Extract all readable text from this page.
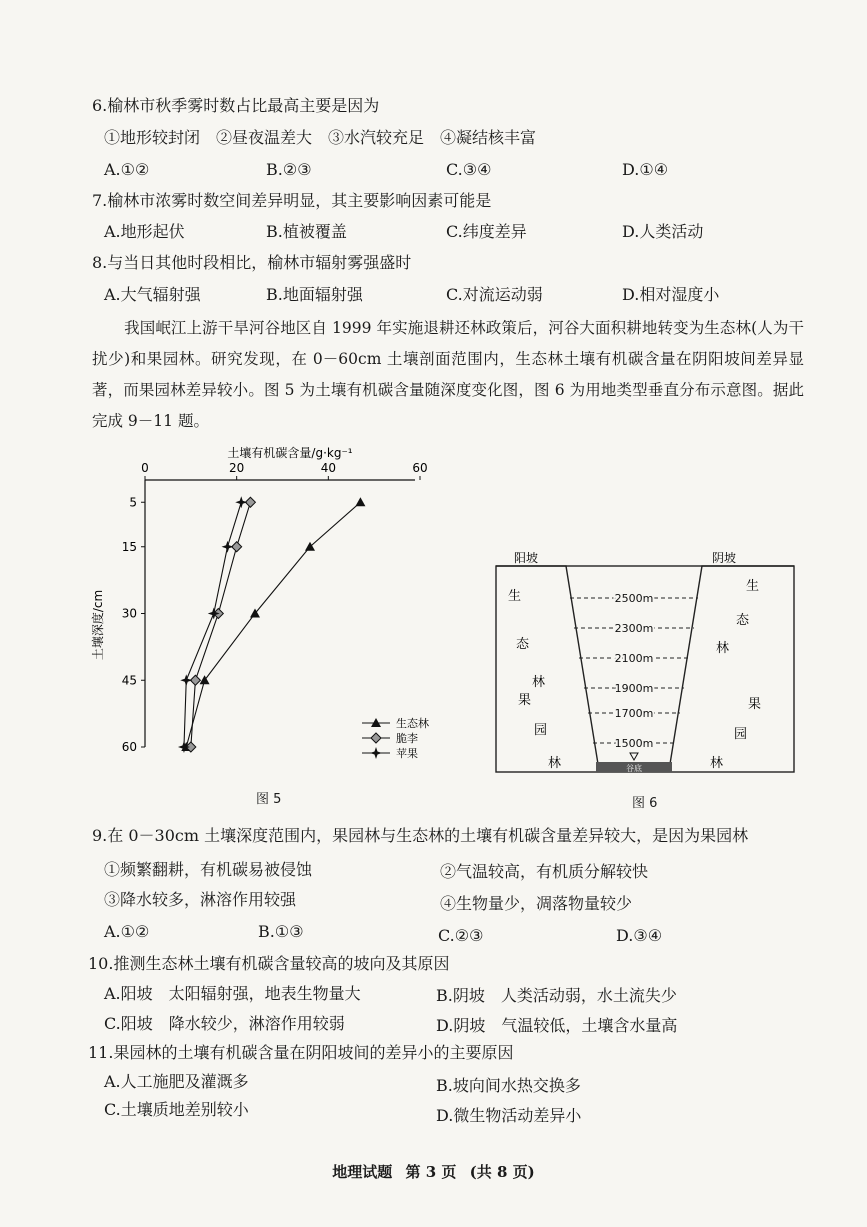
6.榆林市秋季雾时数占比最高主要是因为
①地形较封闭　②昼夜温差大　③水汽较充足　④凝结核丰富
A.①②	B.②③	C.③④	D.①④
7.榆林市浓雾时数空间差异明显，其主要影响因素可能是
A.地形起伏	B.植被覆盖	C.纬度差异	D.人类活动
8.与当日其他时段相比，榆林市辐射雾强盛时
A.大气辐射强	B.地面辐射强	C.对流运动弱	D.相对湿度小
我国岷江上游干旱河谷地区自 1999 年实施退耕还林政策后，河谷大面积耕地转变为生态林(人为干扰少)和果园林。研究发现，在 0－60cm 土壤剖面范围内，生态林土壤有机碳含量在阴阳坡间差异显著，而果园林差异较小。图 5 为土壤有机碳含量随深度变化图，图 6 为用地类型垂直分布示意图。据此完成 9－11 题。
土壤有机碳含量/g·kg⁻¹
土壤深度/cm
0	20	40	60
5
15
30
45
60
生态林
脆李
苹果
图 5
阳坡	阴坡
2500m
2300m
2100m
1900m
1700m
1500m
谷底
生
态
林
果
园
林
生
态
林
果
园
林
图 6
9.在 0－30cm 土壤深度范围内，果园林与生态林的土壤有机碳含量差异较大，是因为果园林
①频繁翻耕，有机碳易被侵蚀	②气温较高，有机质分解较快
③降水较多，淋溶作用较强	④生物量少，凋落物量较少
A.①②	B.①③	C.②③	D.③④
10.推测生态林土壤有机碳含量较高的坡向及其原因
A.阳坡　太阳辐射强，地表生物量大	B.阴坡　人类活动弱，水土流失少
C.阳坡　降水较少，淋溶作用较弱	D.阴坡　气温较低，土壤含水量高
11.果园林的土壤有机碳含量在阴阳坡间的差异小的主要原因
A.人工施肥及灌溉多	B.坡向间水热交换多
C.土壤质地差别较小	D.微生物活动差异小
地理试题 第 3 页 (共 8 页)
